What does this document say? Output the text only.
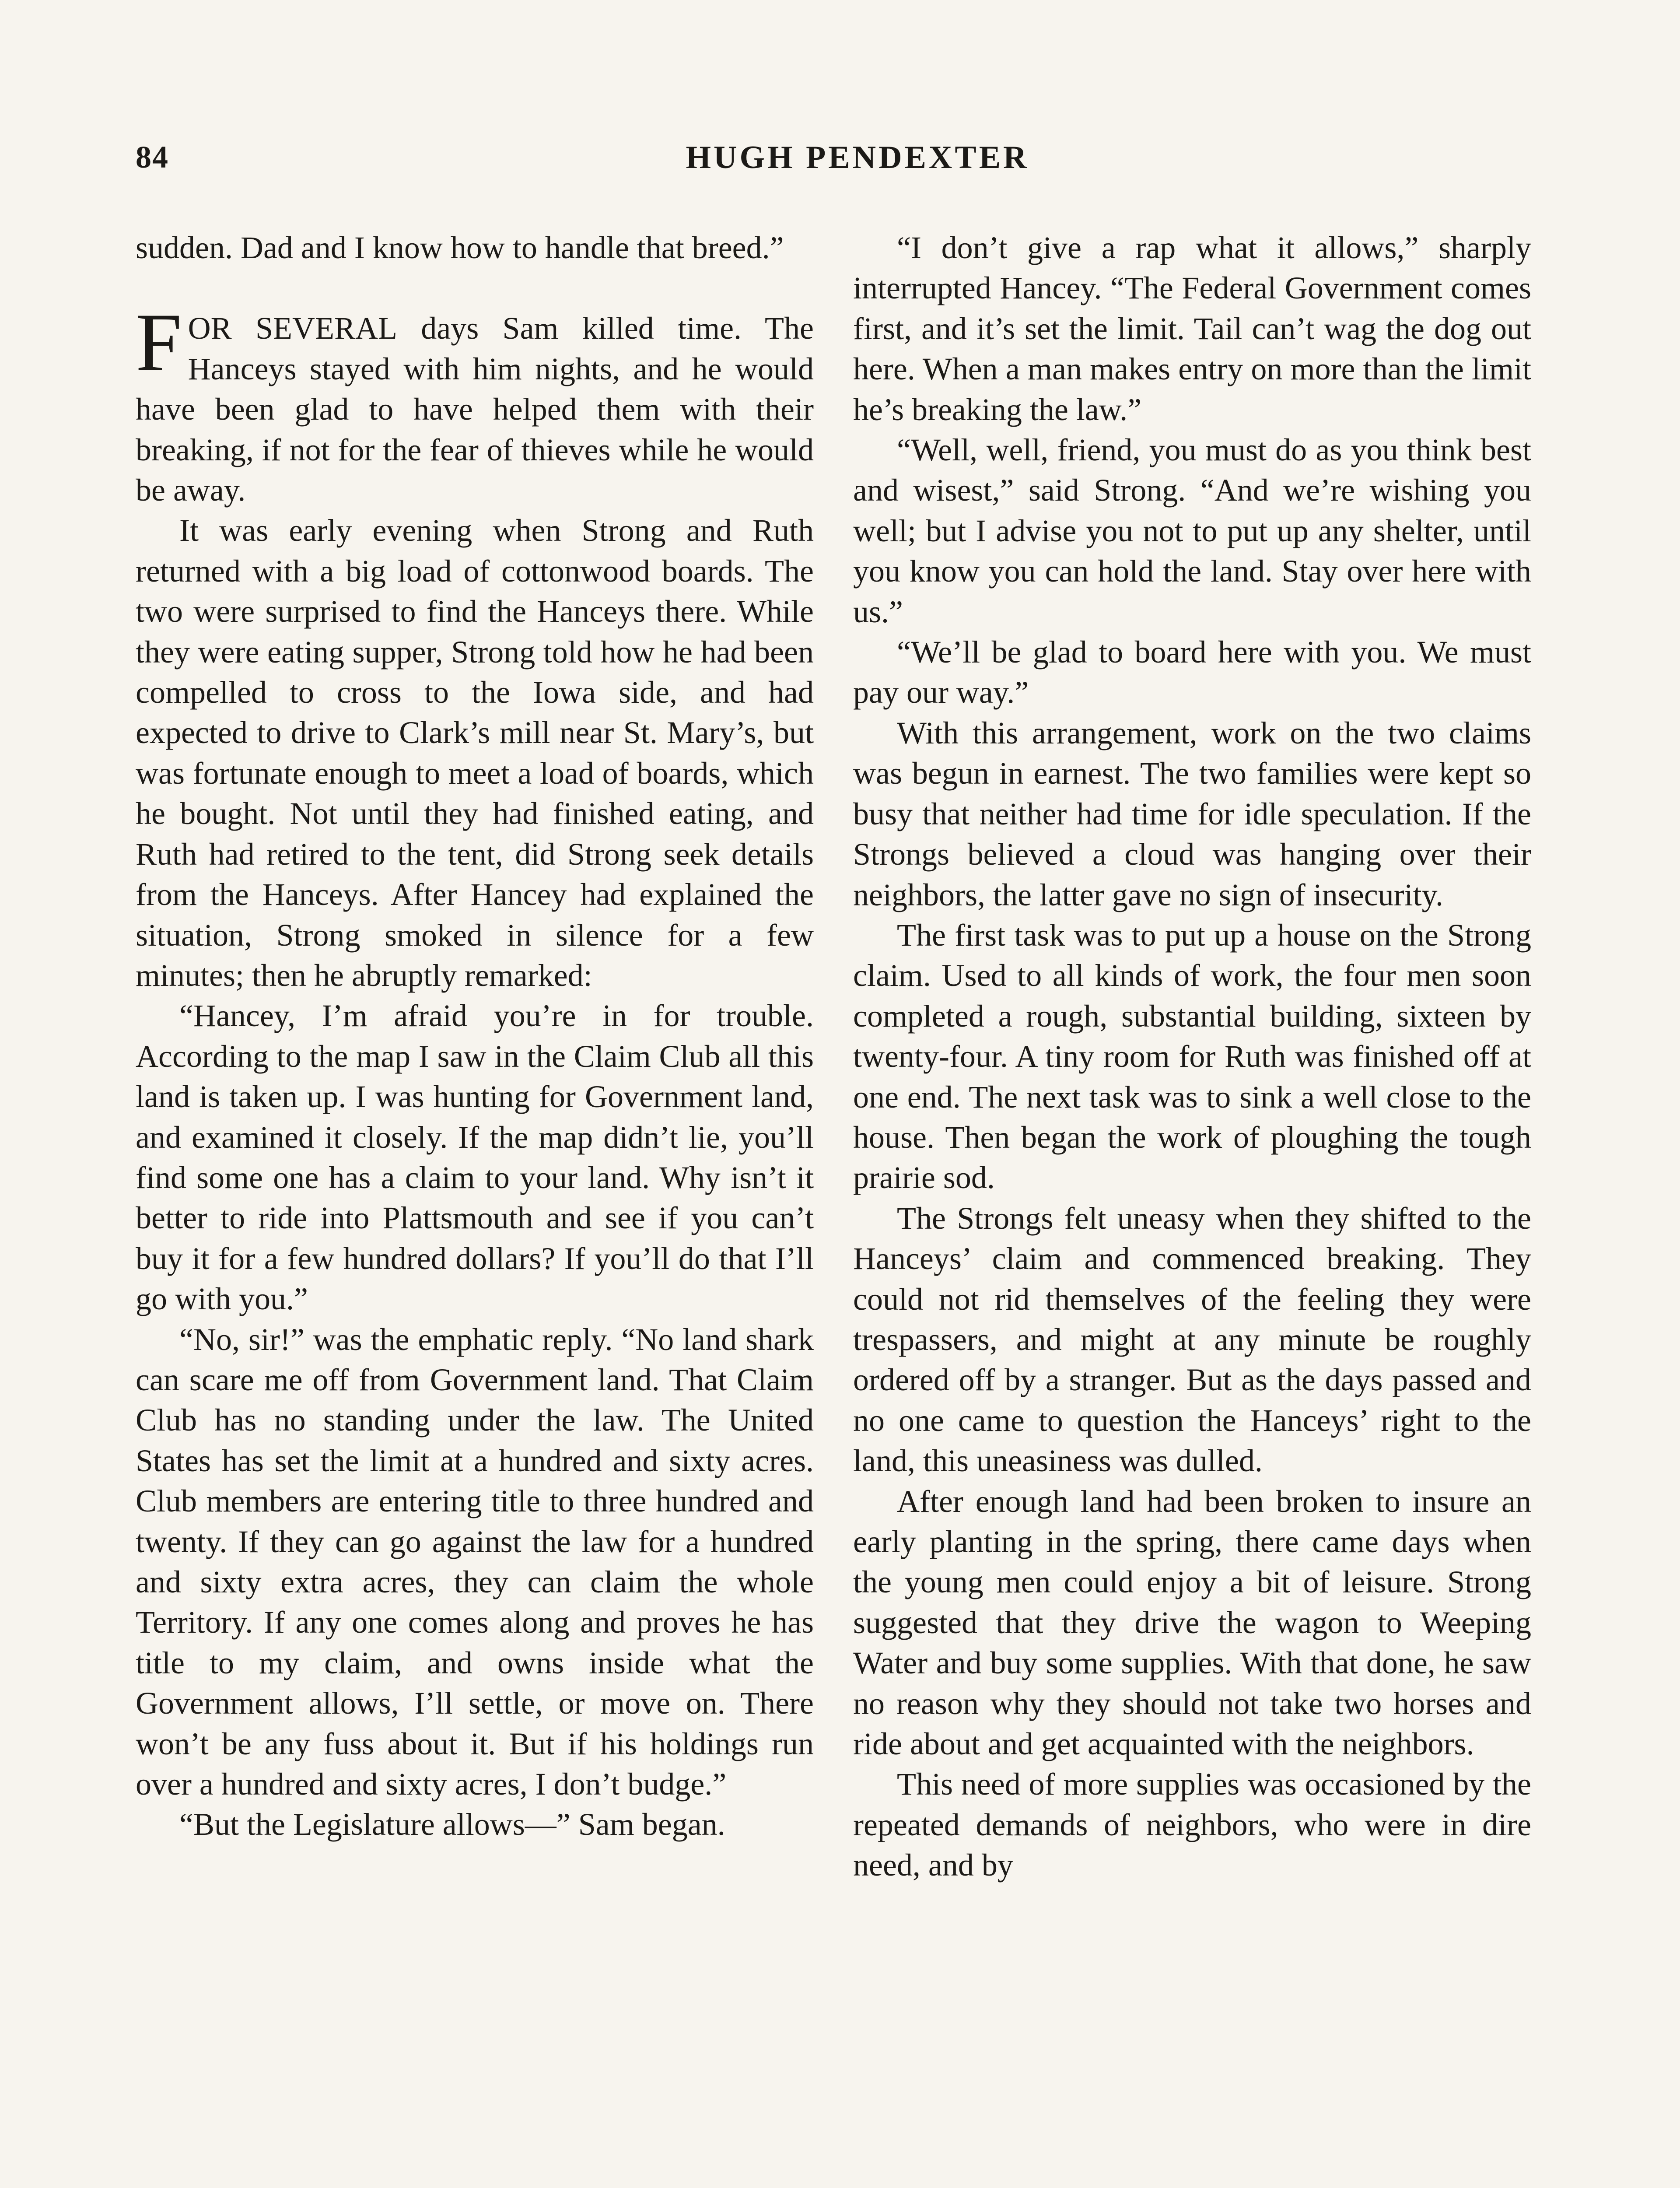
84	HUGH PENDEXTER

sudden. Dad and I know how to handle that breed.”

FOR SEVERAL days Sam killed time. The Hanceys stayed with him nights, and he would have been glad to have helped them with their breaking, if not for the fear of thieves while he would be away.

It was early evening when Strong and Ruth returned with a big load of cottonwood boards. The two were surprised to find the Hanceys there. While they were eating supper, Strong told how he had been compelled to cross to the Iowa side, and had expected to drive to Clark’s mill near St. Mary’s, but was fortunate enough to meet a load of boards, which he bought. Not until they had finished eating, and Ruth had retired to the tent, did Strong seek details from the Hanceys. After Hancey had explained the situation, Strong smoked in silence for a few minutes; then he abruptly remarked:

“Hancey, I’m afraid you’re in for trouble. According to the map I saw in the Claim Club all this land is taken up. I was hunting for Government land, and examined it closely. If the map didn’t lie, you’ll find some one has a claim to your land. Why isn’t it better to ride into Plattsmouth and see if you can’t buy it for a few hundred dollars? If you’ll do that I’ll go with you.”

“No, sir!” was the emphatic reply. “No land shark can scare me off from Government land. That Claim Club has no standing under the law. The United States has set the limit at a hundred and sixty acres. Club members are entering title to three hundred and twenty. If they can go against the law for a hundred and sixty extra acres, they can claim the whole Territory. If any one comes along and proves he has title to my claim, and owns inside what the Government allows, I’ll settle, or move on. There won’t be any fuss about it. But if his holdings run over a hundred and sixty acres, I don’t budge.”

“But the Legislature allows—” Sam began.

“I don’t give a rap what it allows,” sharply interrupted Hancey. “The Federal Government comes first, and it’s set the limit. Tail can’t wag the dog out here. When a man makes entry on more than the limit he’s breaking the law.”

“Well, well, friend, you must do as you think best and wisest,” said Strong. “And we’re wishing you well; but I advise you not to put up any shelter, until you know you can hold the land. Stay over here with us.”

“We’ll be glad to board here with you. We must pay our way.”

With this arrangement, work on the two claims was begun in earnest. The two families were kept so busy that neither had time for idle speculation. If the Strongs believed a cloud was hanging over their neighbors, the latter gave no sign of insecurity.

The first task was to put up a house on the Strong claim. Used to all kinds of work, the four men soon completed a rough, substantial building, sixteen by twenty-four. A tiny room for Ruth was finished off at one end. The next task was to sink a well close to the house. Then began the work of ploughing the tough prairie sod.

The Strongs felt uneasy when they shifted to the Hanceys’ claim and commenced breaking. They could not rid themselves of the feeling they were trespassers, and might at any minute be roughly ordered off by a stranger. But as the days passed and no one came to question the Hanceys’ right to the land, this uneasiness was dulled.

After enough land had been broken to insure an early planting in the spring, there came days when the young men could enjoy a bit of leisure. Strong suggested that they drive the wagon to Weeping Water and buy some supplies. With that done, he saw no reason why they should not take two horses and ride about and get acquainted with the neighbors.

This need of more supplies was occasioned by the repeated demands of neighbors, who were in dire need, and by
